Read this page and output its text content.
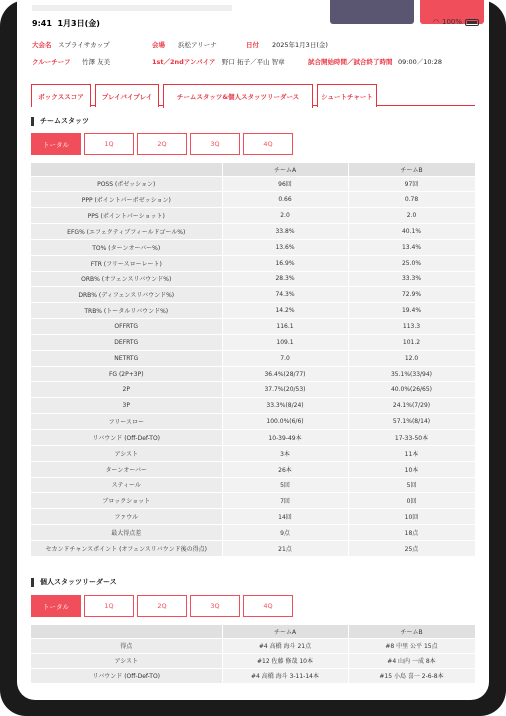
9:41 1月3日(金)	◠ 100%
大会名 スプライサカップ	会場 浜松アリーナ	日付 2025年1月3日(金)
クルーチーフ 竹澤 友美	1st／2ndアンパイア 野口 拓子／平山 智章	試合開始時間／試合終了時間 09:00／10:28
ボックススコア	プレイバイプレイ	チームスタッツ&個人スタッツリーダース	シュートチャート
チームスタッツ
トータル	1Q	2Q	3Q	4Q
	チームA	チームB
POSS (ポゼッション)	96回	97回
PPP (ポイントパーポゼッション)	0.66	0.78
PPS (ポイントパーショット)	2.0	2.0
EFG% (エフェクティブフィールドゴール%)	33.8%	40.1%
TO% (ターンオーバー%)	13.6%	13.4%
FTR (フリースローレート)	16.9%	25.0%
ORB% (オフェンスリバウンド%)	28.3%	33.3%
DRB% (ディフェンスリバウンド%)	74.3%	72.9%
TRB% (トータルリバウンド%)	14.2%	19.4%
OFFRTG	116.1	113.3
DEFRTG	109.1	101.2
NETRTG	7.0	12.0
FG (2P+3P)	36.4%(28/77)	35.1%(33/94)
2P	37.7%(20/53)	40.0%(26/65)
3P	33.3%(8/24)	24.1%(7/29)
フリースロー	100.0%(6/6)	57.1%(8/14)
リバウンド (Off-Def-TO)	10-39-49本	17-33-50本
アシスト	3本	11本
ターンオーバー	26本	10本
スティール	5回	5回
ブロックショット	7回	0回
ファウル	14回	10回
最大得点差	9点	18点
セカンドチャンスポイント (オフェンスリバウンド後の得点)	21点	25点
個人スタッツリーダース
トータル	1Q	2Q	3Q	4Q
	チームA	チームB
得点	#4 高橋 海斗 21点	#8 中里 公平 15点
アシスト	#12 佐藤 修哉 10本	#4 山内 一成 8本
リバウンド (Off-Def-TO)	#4 高橋 海斗 3-11-14本	#15 小島 喜一 2-6-8本
